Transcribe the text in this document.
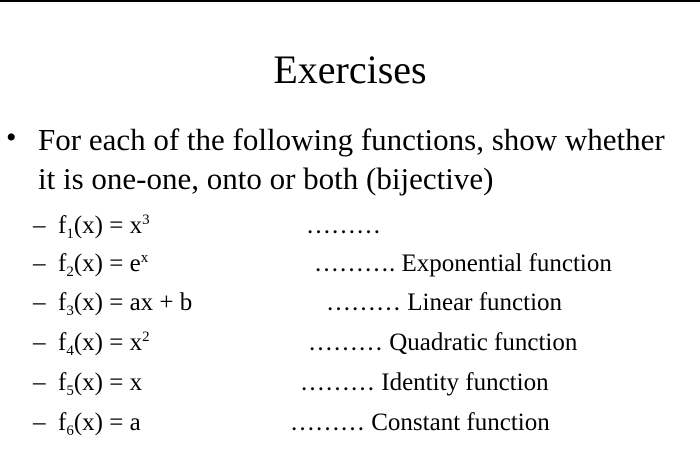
Exercises
• For each of the following functions, show whether it is one-one, onto or both (bijective)
– $f_1(x) = x^3$	………
– $f_2(x) = e^x$	………. Exponential function
– $f_3(x)$ = ax + b	……… Linear function
– $f_4(x) = x^2$	……… Quadratic function
– $f_5(x) = x$	……… Identity function
– $f_6(x) = a$	……… Constant function
